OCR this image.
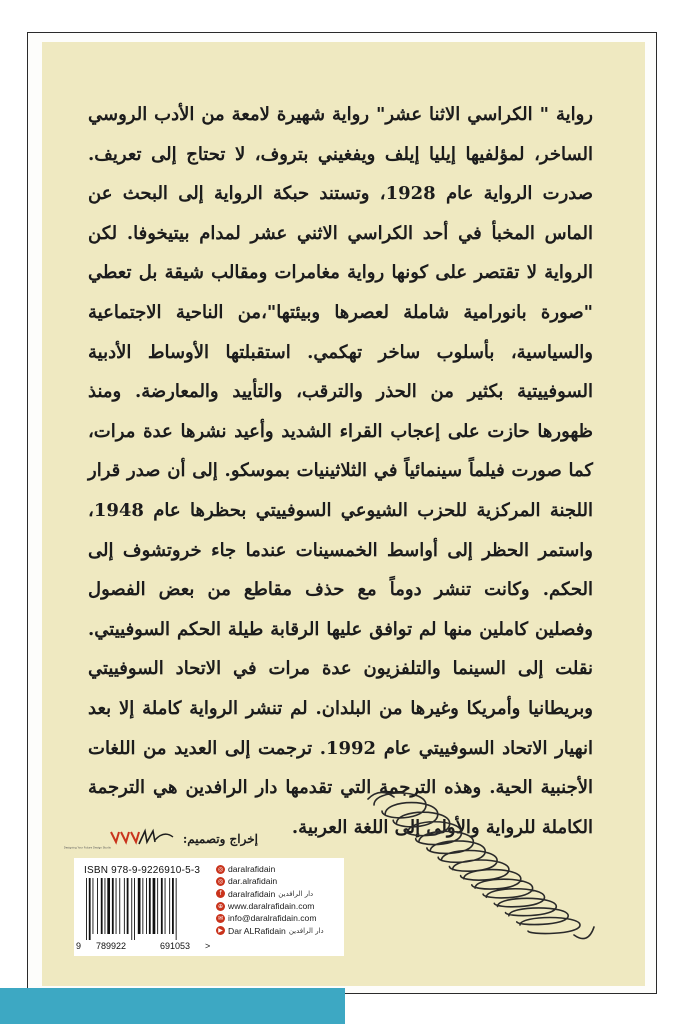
رواية " الكراسي الاثنا عشر" رواية شهيرة لامعة من الأدب الروسي الساخر، لمؤلفيها إيليا إيلف ويفغيني بتروف، لا تحتاج إلى تعريف. صدرت الرواية عام 1928، وتستند حبكة الرواية إلى البحث عن الماس المخبأ في أحد الكراسي الاثني عشر لمدام بيتيخوفا. لكن الرواية لا تقتصر على كونها رواية مغامرات ومقالب شيقة بل تعطي "صورة بانورامية شاملة لعصرها وبيئتها"،من الناحية الاجتماعية والسياسية، بأسلوب ساخر تهكمي. استقبلتها الأوساط الأدبية السوفييتية بكثير من الحذر والترقب، والتأييد والمعارضة. ومنذ ظهورها حازت على إعجاب القراء الشديد وأعيد نشرها عدة مرات، كما صورت فيلماً سينمائياً في الثلاثينيات بموسكو. إلى أن صدر قرار اللجنة المركزية للحزب الشيوعي السوفييتي بحظرها عام 1948، واستمر الحظر إلى أواسط الخمسينات عندما جاء خروتشوف إلى الحكم. وكانت تنشر دوماً مع حذف مقاطع من بعض الفصول وفصلين كاملين منها لم توافق عليها الرقابة طيلة الحكم السوفييتي. نقلت إلى السينما والتلفزيون عدة مرات في الاتحاد السوفييتي وبريطانيا وأمريكا وغيرها من البلدان. لم تنشر الرواية كاملة إلا بعد انهيار الاتحاد السوفييتي عام 1992. ترجمت إلى العديد من اللغات الأجنبية الحية. وهذه الترجمة التي تقدمها دار الرافدين هي الترجمة الكاملة للرواية والأولى إلى اللغة العربية.

إخراج وتصميم:
Designing Your Future Design Studio
ISBN 978-9-9226910-5-3
9 789922	691053 >
◎ daralrafidain
◎ dar.alrafidain
f daralrafidain دار الرافدين
⊕ www.daralrafidain.com
✉ info@daralrafidain.com
▶ Dar ALRafidain دار الرافدين
